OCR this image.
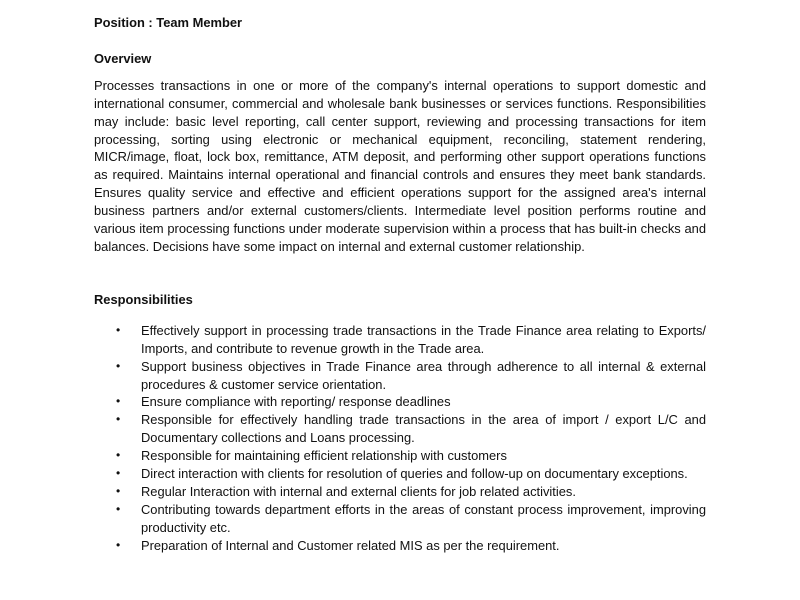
Position : Team Member

Overview

Processes transactions in one or more of the company's internal operations to support domestic and international consumer, commercial and wholesale bank businesses or services functions. Responsibilities may include: basic level reporting, call center support, reviewing and processing transactions for item processing, sorting using electronic or mechanical equipment, reconciling, statement rendering, MICR/image, float, lock box, remittance, ATM deposit, and performing other support operations functions as required. Maintains internal operational and financial controls and ensures they meet bank standards. Ensures quality service and effective and efficient operations support for the assigned area's internal business partners and/or external customers/clients. Intermediate level position performs routine and various item processing functions under moderate supervision within a process that has built-in checks and balances. Decisions have some impact on internal and external customer relationship.

Responsibilities

• Effectively support in processing trade transactions in the Trade Finance area relating to Exports/ Imports, and contribute to revenue growth in the Trade area.
• Support business objectives in Trade Finance area through adherence to all internal & external procedures & customer service orientation.
• Ensure compliance with reporting/ response deadlines
• Responsible for effectively handling trade transactions in the area of import / export L/C and Documentary collections and Loans processing.
• Responsible for maintaining efficient relationship with customers
• Direct interaction with clients for resolution of queries and follow-up on documentary exceptions.
• Regular Interaction with internal and external clients for job related activities.
• Contributing towards department efforts in the areas of constant process improvement, improving productivity etc.
• Preparation of Internal and Customer related MIS as per the requirement.
